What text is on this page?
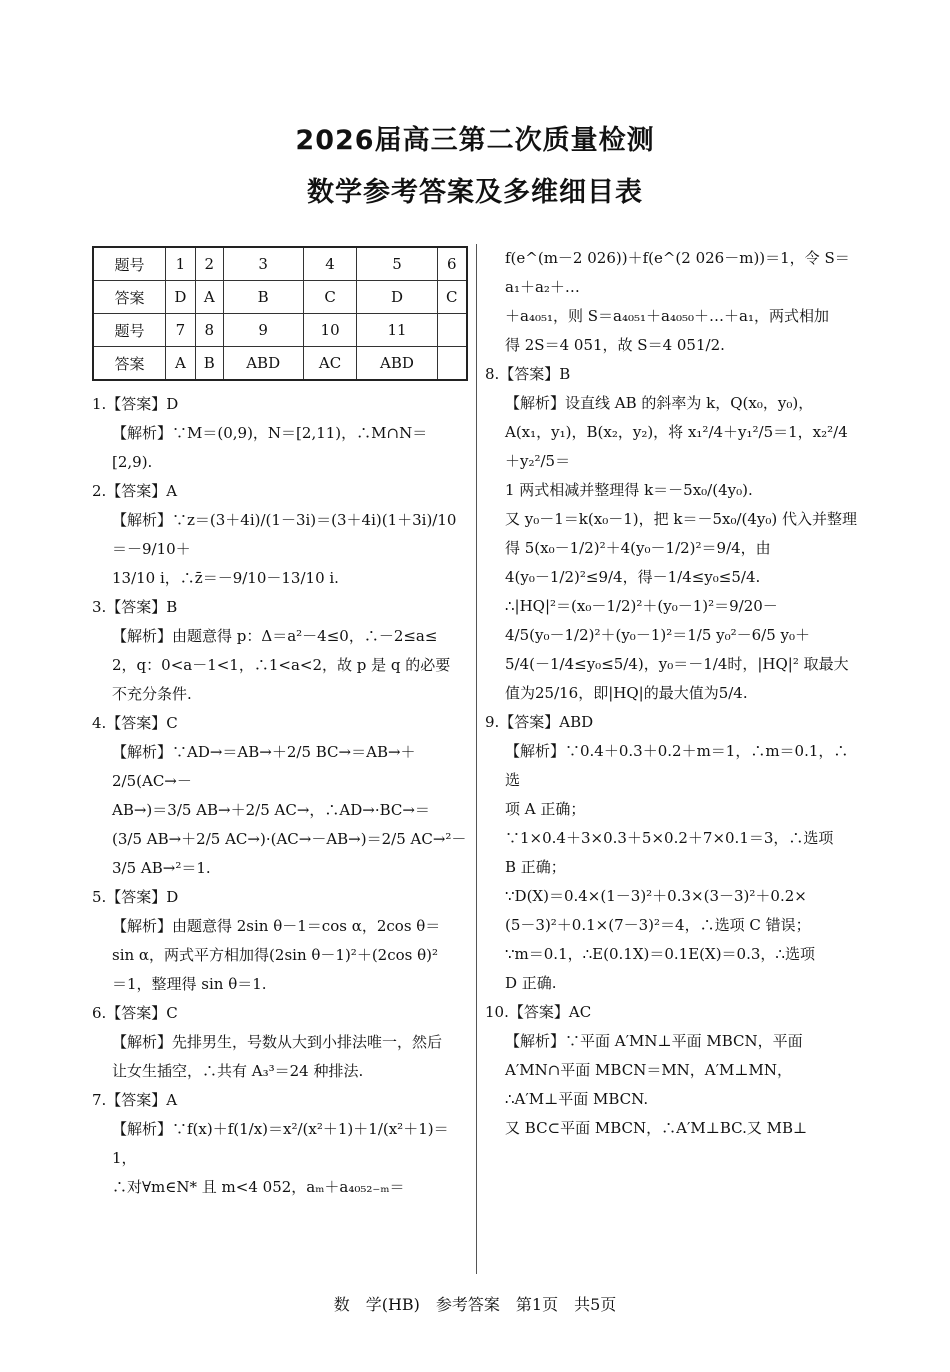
2026届高三第二次质量检测
数学参考答案及多维细目表
题号	1	2	3	4	5	6
答案	D	A	B	C	D	C
题号	7	8	9	10	11	
答案	A	B	ABD	AC	ABD	

1.【答案】D

【解析】∵M＝(0,9)，N＝[2,11)，∴M∩N＝

[2,9).

2.【答案】A

【解析】∵z＝(3＋4i)/(1－3i)＝(3＋4i)(1＋3i)/10＝－9/10＋

13/10 i，∴z̄＝－9/10－13/10 i.

3.【答案】B

【解析】由题意得 p：Δ＝a²－4≤0，∴－2≤a≤

2，q：0<a－1<1，∴1<a<2，故 p 是 q 的必要

不充分条件.

4.【答案】C

【解析】∵AD→＝AB→＋2/5 BC→＝AB→＋2/5(AC→－

AB→)＝3/5 AB→＋2/5 AC→，∴AD→·BC→＝

(3/5 AB→＋2/5 AC→)·(AC→－AB→)＝2/5 AC→²－

3/5 AB→²＝1.

5.【答案】D

【解析】由题意得 2sin θ－1＝cos α，2cos θ＝

sin α，两式平方相加得(2sin θ－1)²＋(2cos θ)²

＝1，整理得 sin θ＝1.

6.【答案】C

【解析】先排男生，号数从大到小排法唯一，然后

让女生插空，∴共有 A₃³＝24 种排法.

7.【答案】A

【解析】∵f(x)＋f(1/x)＝x²/(x²＋1)＋1/(x²＋1)＝1，

∴对∀m∈N* 且 m<4 052，aₘ＋a₄₀₅₂₋ₘ＝

f(e^(m－2 026))＋f(e^(2 026－m))＝1，令 S＝a₁＋a₂＋…

＋a₄₀₅₁，则 S＝a₄₀₅₁＋a₄₀₅₀＋…＋a₁，两式相加

得 2S＝4 051，故 S＝4 051/2.

8.【答案】B

【解析】设直线 AB 的斜率为 k，Q(x₀，y₀)，

A(x₁，y₁)，B(x₂，y₂)，将 x₁²/4＋y₁²/5＝1，x₂²/4＋y₂²/5＝

1 两式相减并整理得 k＝－5x₀/(4y₀).

又 y₀－1＝k(x₀－1)，把 k＝－5x₀/(4y₀) 代入并整理

得 5(x₀－1/2)²＋4(y₀－1/2)²＝9/4，由

4(y₀－1/2)²≤9/4，得－1/4≤y₀≤5/4.

∴|HQ|²＝(x₀－1/2)²＋(y₀－1)²＝9/20－

4/5(y₀－1/2)²＋(y₀－1)²＝1/5 y₀²－6/5 y₀＋

5/4(－1/4≤y₀≤5/4)，y₀＝－1/4时，|HQ|² 取最大

值为25/16，即|HQ|的最大值为5/4.

9.【答案】ABD

【解析】∵0.4＋0.3＋0.2＋m＝1，∴m＝0.1，∴选

项 A 正确；

∵1×0.4＋3×0.3＋5×0.2＋7×0.1＝3，∴选项

B 正确；

∵D(X)＝0.4×(1－3)²＋0.3×(3－3)²＋0.2×

(5－3)²＋0.1×(7－3)²＝4，∴选项 C 错误；

∵m＝0.1，∴E(0.1X)＝0.1E(X)＝0.3，∴选项

D 正确.

10.【答案】AC

【解析】∵平面 A′MN⊥平面 MBCN，平面

A′MN∩平面 MBCN＝MN，A′M⊥MN，

∴A′M⊥平面 MBCN.

又 BC⊂平面 MBCN，∴A′M⊥BC.又 MB⊥

数　学(HB)　参考答案　第1页　共5页
